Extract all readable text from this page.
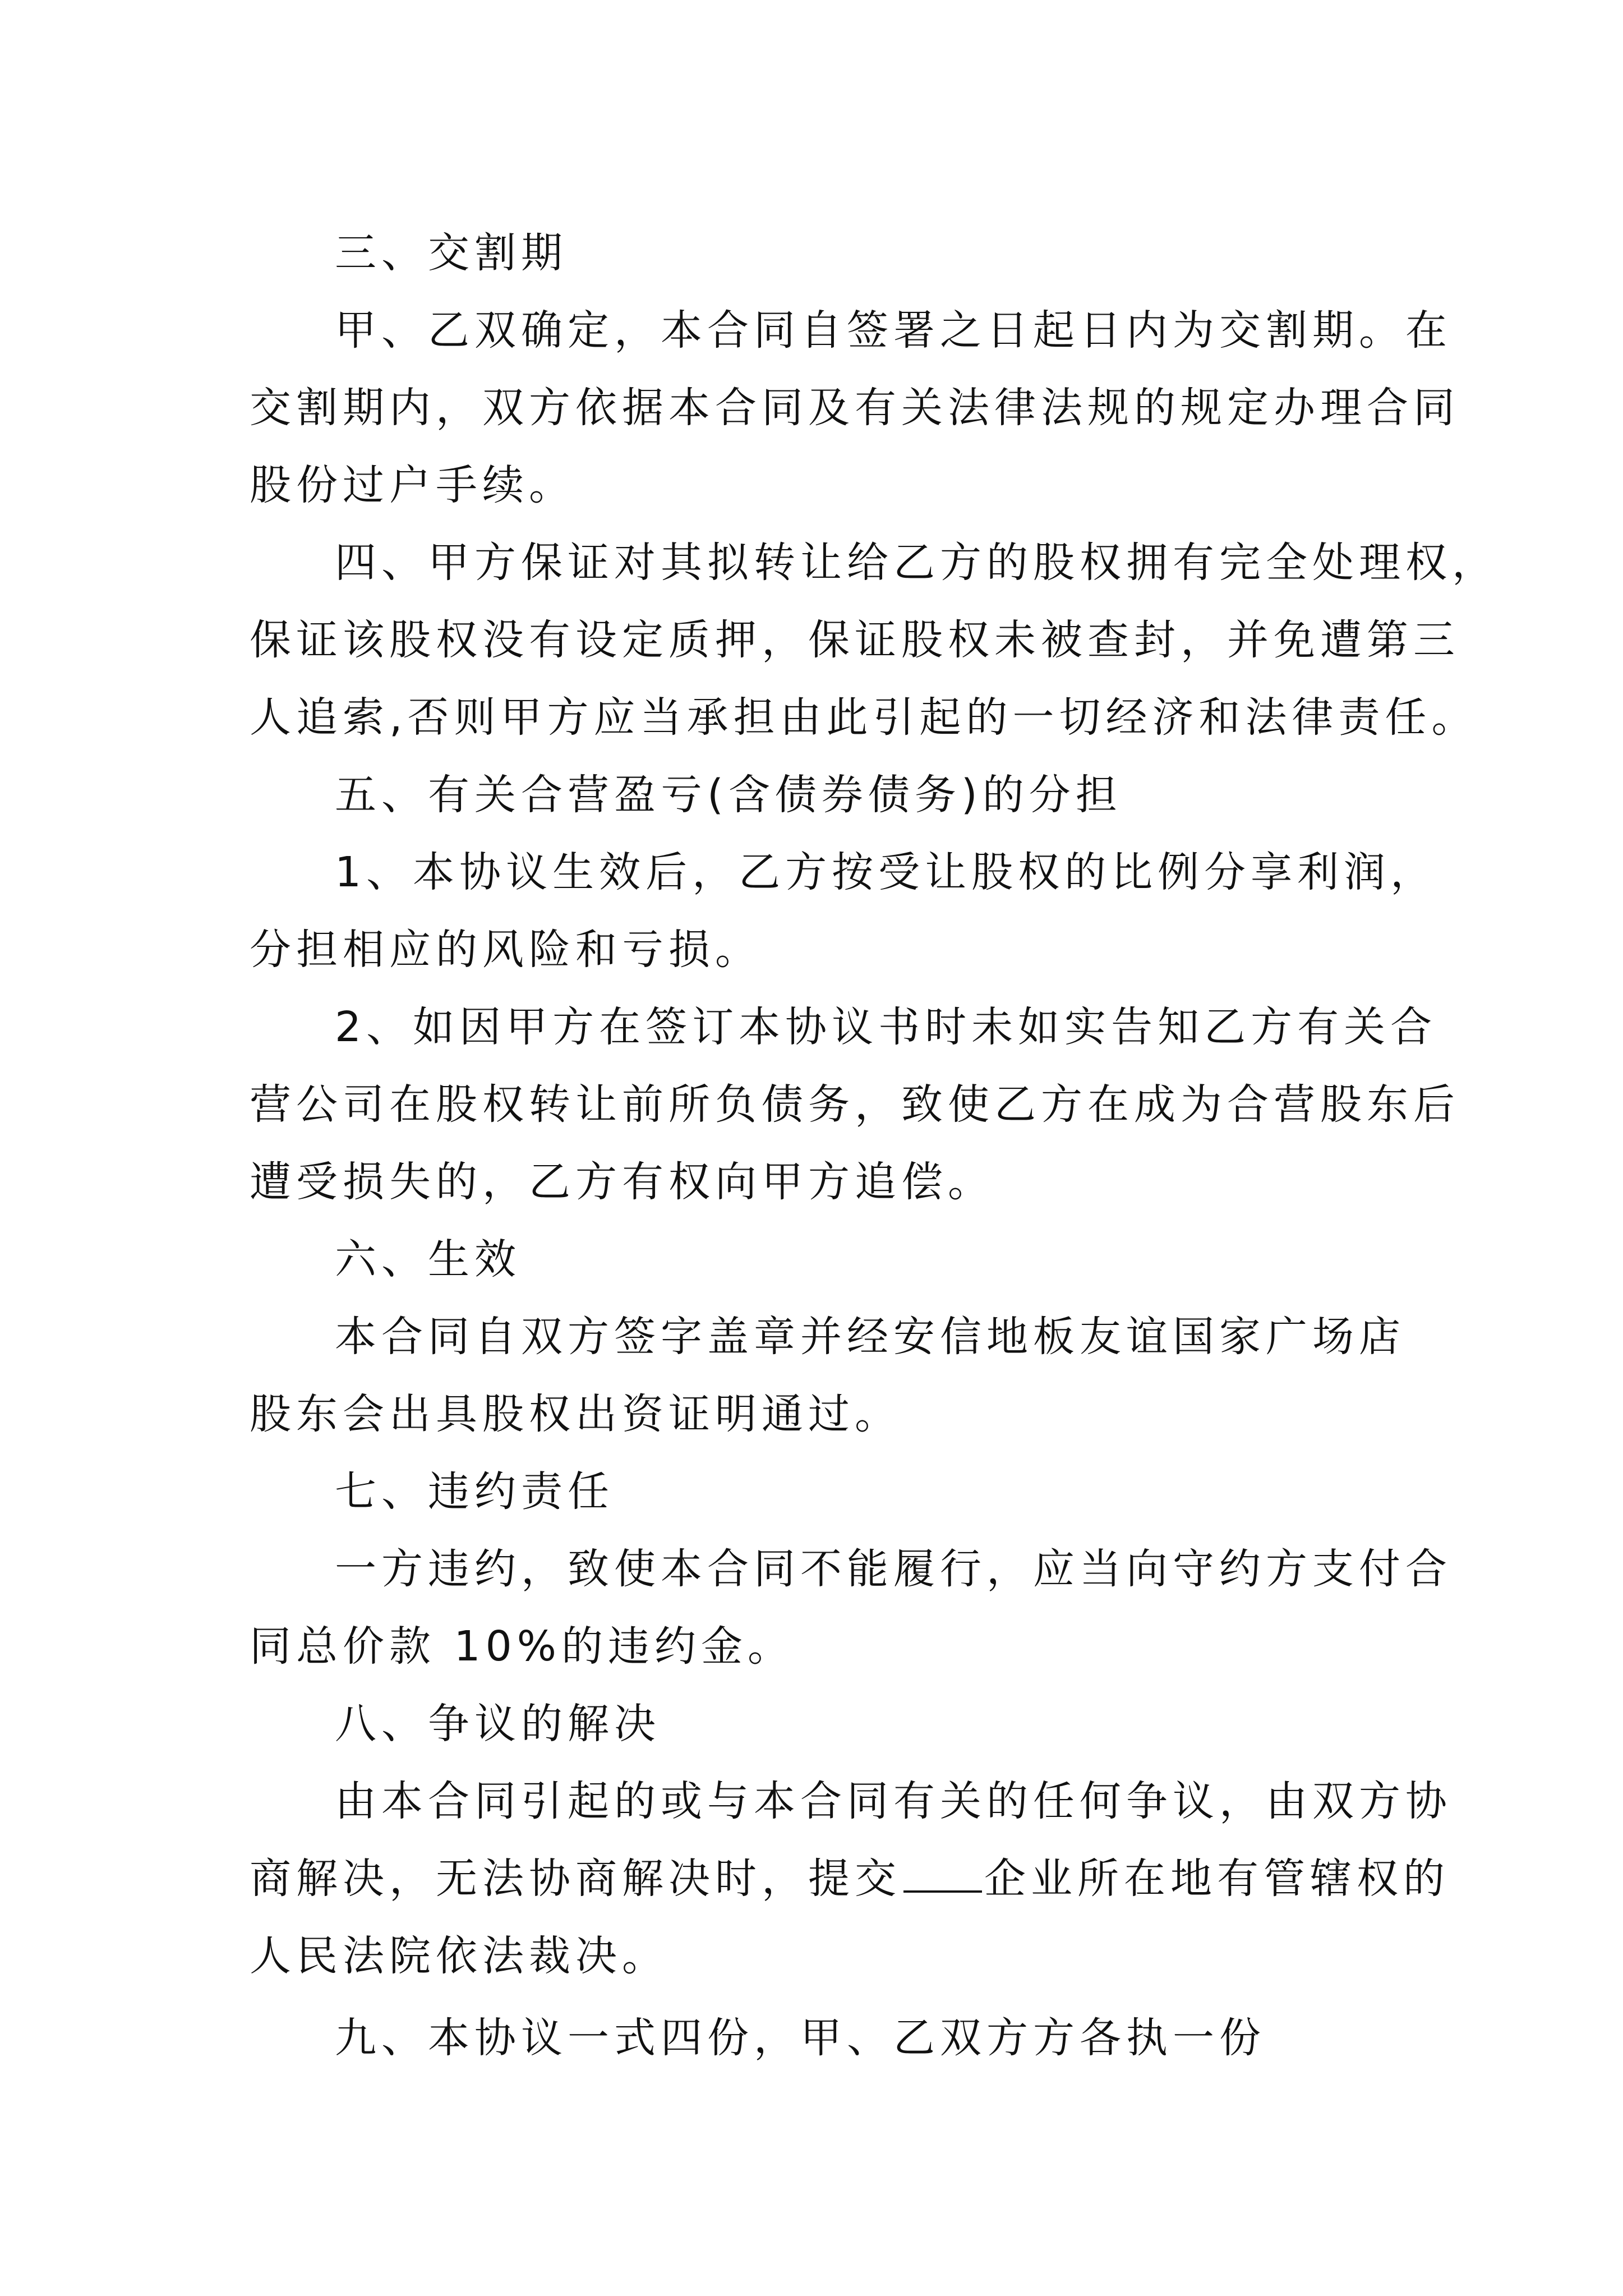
三、交割期
甲、乙双确定，本合同自签署之日起日内为交割期。在
交割期内，双方依据本合同及有关法律法规的规定办理合同
股份过户手续。
四、甲方保证对其拟转让给乙方的股权拥有完全处理权，
保证该股权没有设定质押，保证股权未被查封，并免遭第三
人追索,否则甲方应当承担由此引起的一切经济和法律责任。
五、有关合营盈亏(含债券债务)的分担
1、本协议生效后，乙方按受让股权的比例分享利润，
分担相应的风险和亏损。
2、如因甲方在签订本协议书时未如实告知乙方有关合
营公司在股权转让前所负债务，致使乙方在成为合营股东后
遭受损失的，乙方有权向甲方追偿。
六、生效
本合同自双方签字盖章并经安信地板友谊国家广场店
股东会出具股权出资证明通过。
七、违约责任
一方违约，致使本合同不能履行，应当向守约方支付合
同总价款 10%的违约金。
八、争议的解决
由本合同引起的或与本合同有关的任何争议，由双方协
商解决，无法协商解决时，提交 企业所在地有管辖权的
人民法院依法裁决。
九、本协议一式四份，甲、乙双方方各执一份
